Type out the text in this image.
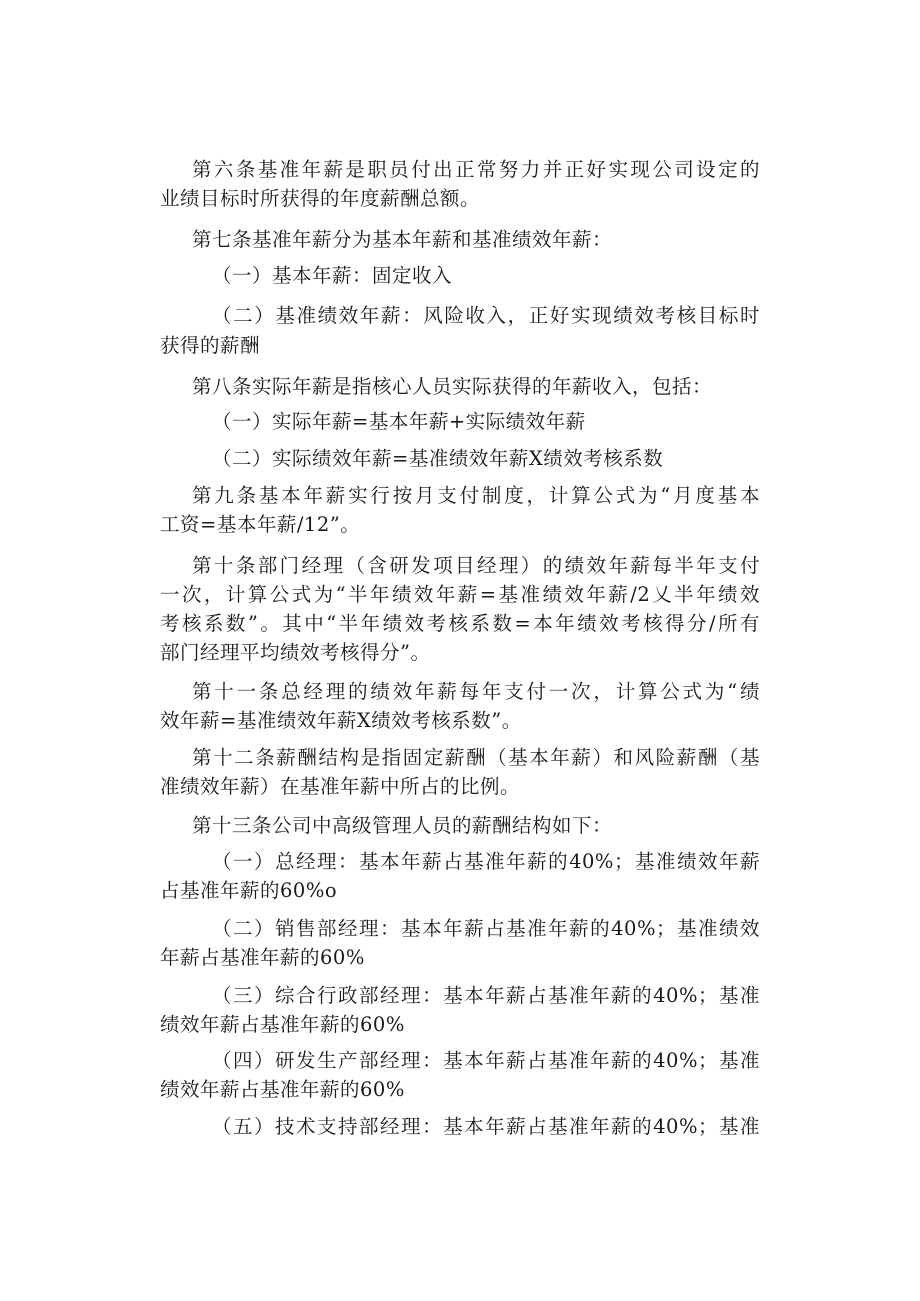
第六条基准年薪是职员付出正常努力并正好实现公司设定的
业绩目标时所获得的年度薪酬总额。
第七条基准年薪分为基本年薪和基准绩效年薪：
（一）基本年薪：固定收入
（二）基准绩效年薪：风险收入，正好实现绩效考核目标时
获得的薪酬
第八条实际年薪是指核心人员实际获得的年薪收入，包括：
（一）实际年薪=基本年薪+实际绩效年薪
（二）实际绩效年薪=基准绩效年薪X绩效考核系数
第九条基本年薪实行按月支付制度，计算公式为“月度基本
工资=基本年薪/12”。
第十条部门经理（含研发项目经理）的绩效年薪每半年支付
一次，计算公式为“半年绩效年薪=基准绩效年薪/2乂半年绩效
考核系数”。其中“半年绩效考核系数=本年绩效考核得分/所有
部门经理平均绩效考核得分”。
第十一条总经理的绩效年薪每年支付一次，计算公式为“绩
效年薪=基准绩效年薪X绩效考核系数”。
第十二条薪酬结构是指固定薪酬（基本年薪）和风险薪酬（基
准绩效年薪）在基准年薪中所占的比例。
第十三条公司中高级管理人员的薪酬结构如下：
（一）总经理：基本年薪占基准年薪的40%；基准绩效年薪
占基准年薪的60%o
（二）销售部经理：基本年薪占基准年薪的40%；基准绩效
年薪占基准年薪的60%
（三）综合行政部经理：基本年薪占基准年薪的40%；基准
绩效年薪占基准年薪的60%
（四）研发生产部经理：基本年薪占基准年薪的40%；基准
绩效年薪占基准年薪的60%
（五）技术支持部经理：基本年薪占基准年薪的40%；基准
